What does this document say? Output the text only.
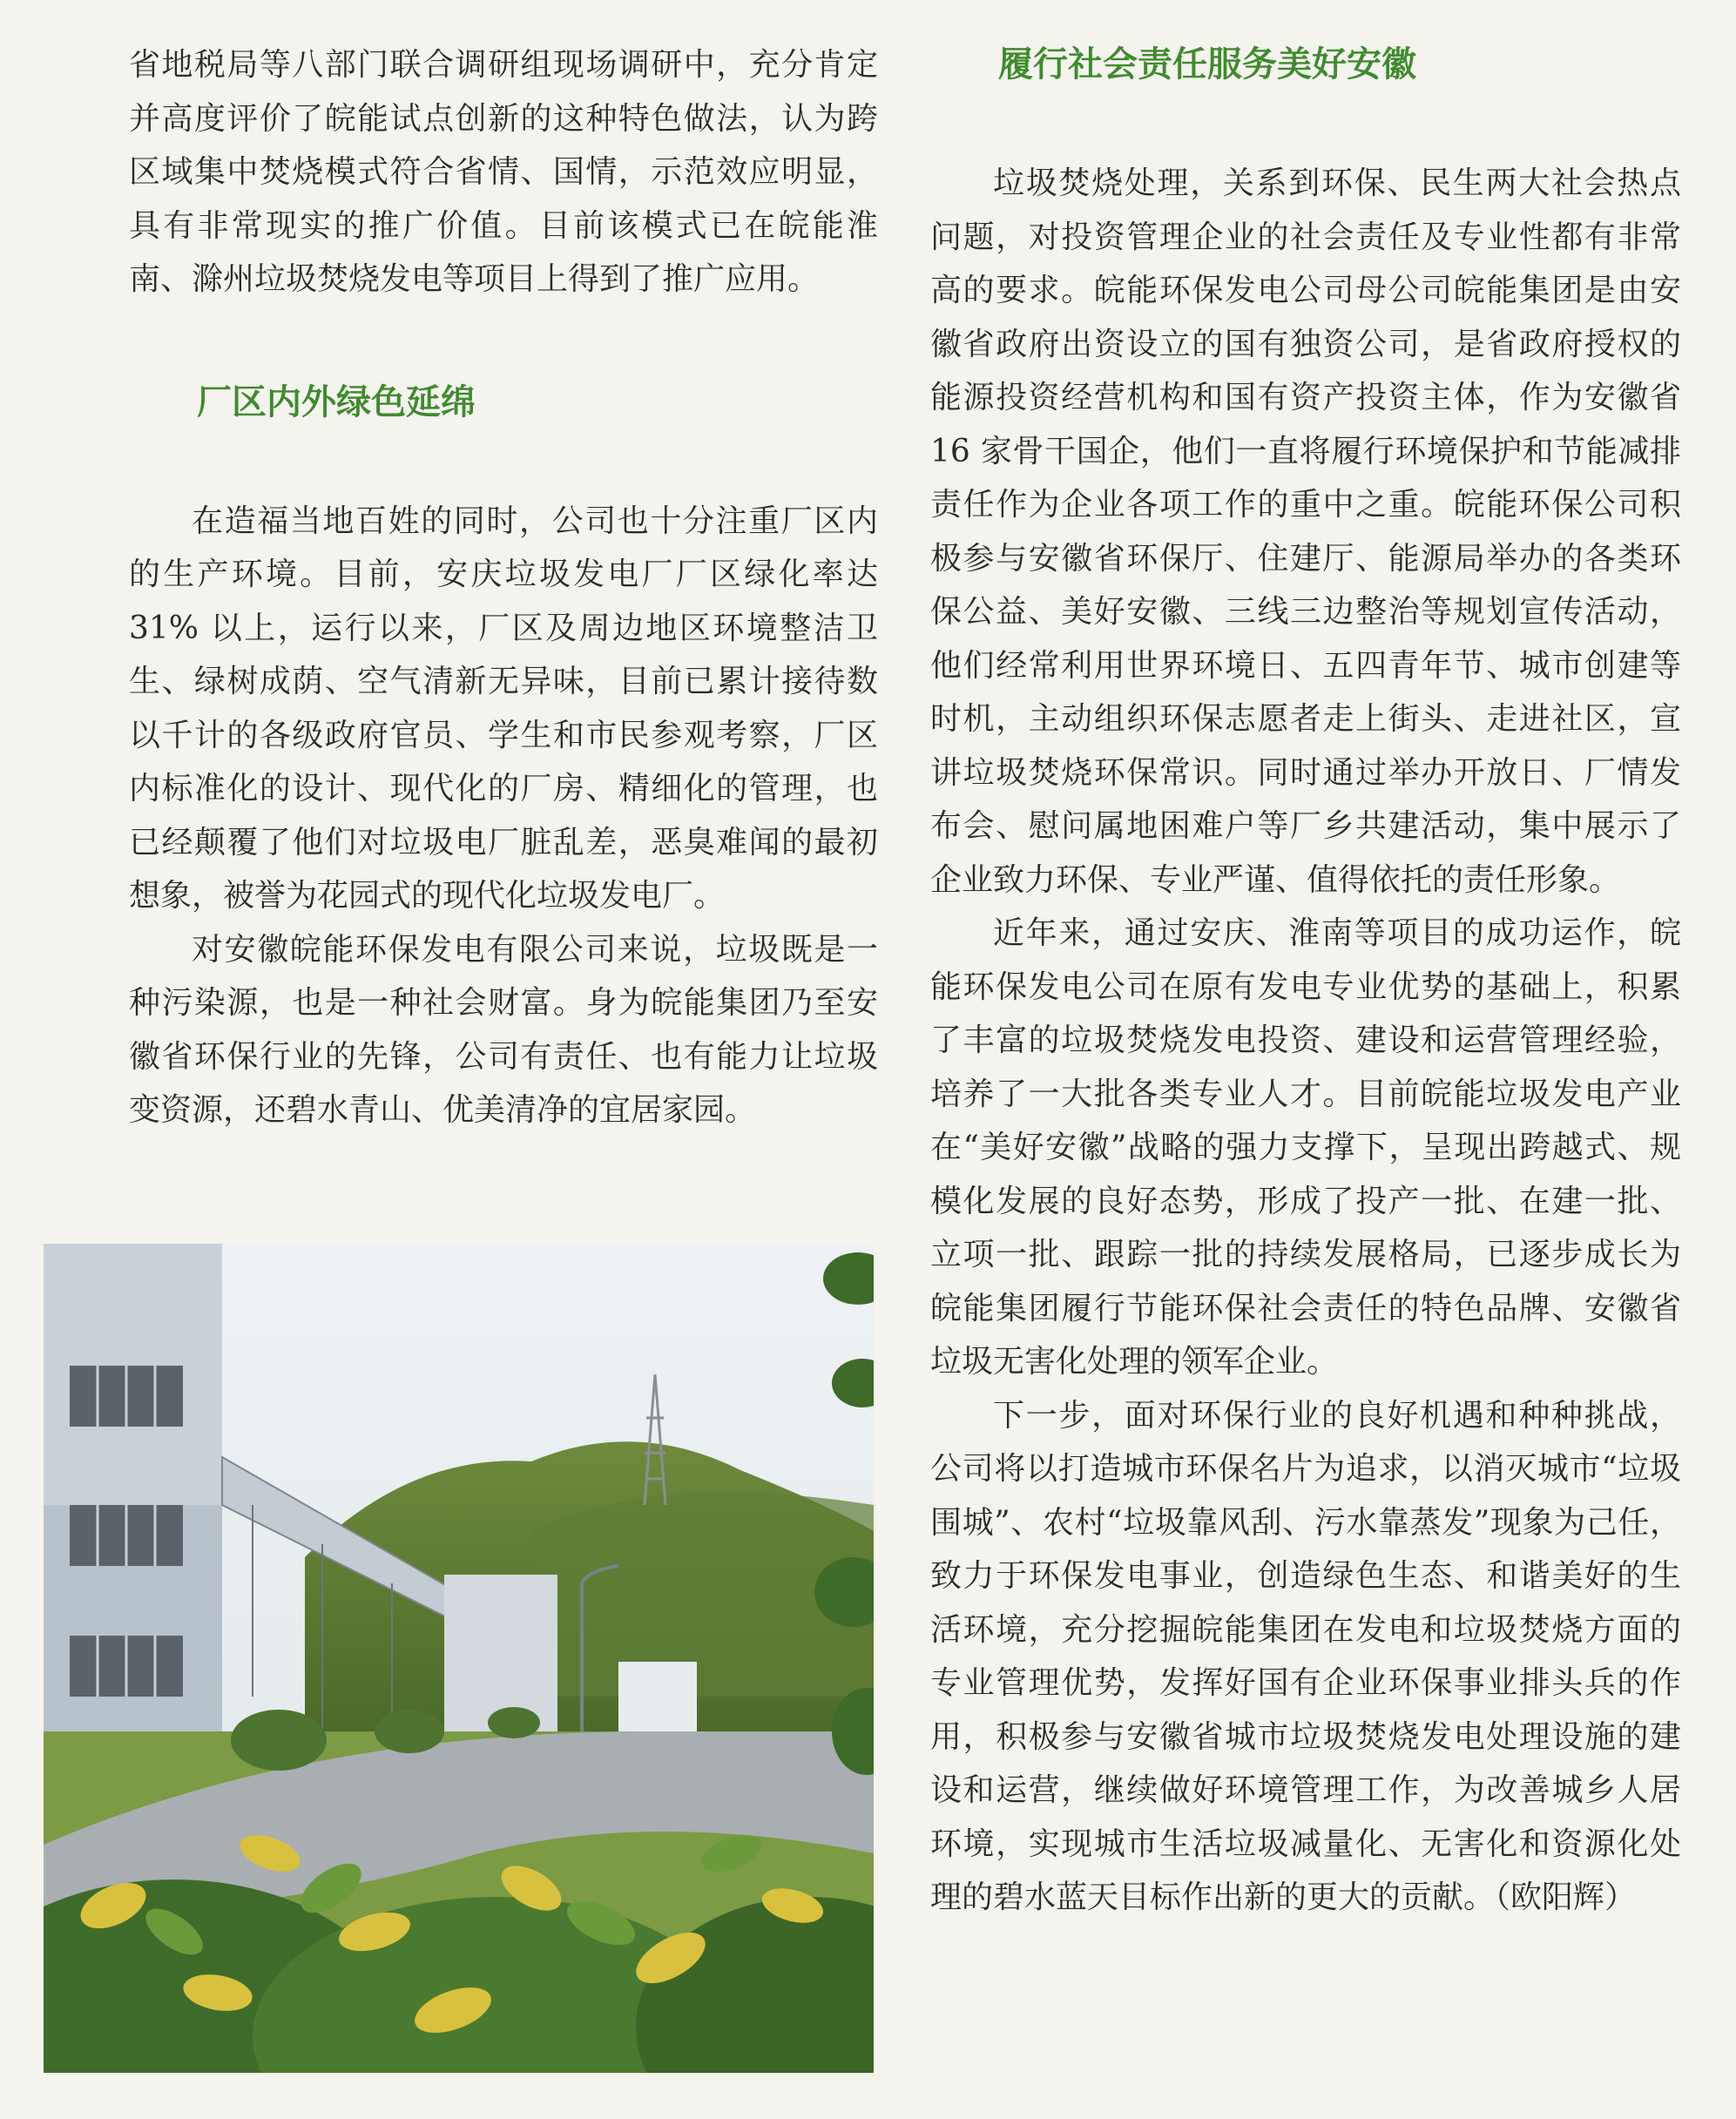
省地税局等八部门联合调研组现场调研中，充分肯定并高度评价了皖能试点创新的这种特色做法，认为跨区域集中焚烧模式符合省情、国情，示范效应明显，具有非常现实的推广价值。目前该模式已在皖能淮南、滁州垃圾焚烧发电等项目上得到了推广应用。

厂区内外绿色延绵

在造福当地百姓的同时，公司也十分注重厂区内的生产环境。目前，安庆垃圾发电厂厂区绿化率达 31% 以上，运行以来，厂区及周边地区环境整洁卫生、绿树成荫、空气清新无异味，目前已累计接待数以千计的各级政府官员、学生和市民参观考察，厂区内标准化的设计、现代化的厂房、精细化的管理，也已经颠覆了他们对垃圾电厂脏乱差，恶臭难闻的最初想象，被誉为花园式的现代化垃圾发电厂。

对安徽皖能环保发电有限公司来说，垃圾既是一种污染源，也是一种社会财富。身为皖能集团乃至安徽省环保行业的先锋，公司有责任、也有能力让垃圾变资源，还碧水青山、优美清净的宜居家园。

履行社会责任服务美好安徽

垃圾焚烧处理，关系到环保、民生两大社会热点问题，对投资管理企业的社会责任及专业性都有非常高的要求。皖能环保发电公司母公司皖能集团是由安徽省政府出资设立的国有独资公司，是省政府授权的能源投资经营机构和国有资产投资主体，作为安徽省 16 家骨干国企，他们一直将履行环境保护和节能减排责任作为企业各项工作的重中之重。皖能环保公司积极参与安徽省环保厅、住建厅、能源局举办的各类环保公益、美好安徽、三线三边整治等规划宣传活动，他们经常利用世界环境日、五四青年节、城市创建等时机，主动组织环保志愿者走上街头、走进社区，宣讲垃圾焚烧环保常识。同时通过举办开放日、厂情发布会、慰问属地困难户等厂乡共建活动，集中展示了企业致力环保、专业严谨、值得依托的责任形象。

近年来，通过安庆、淮南等项目的成功运作，皖能环保发电公司在原有发电专业优势的基础上，积累了丰富的垃圾焚烧发电投资、建设和运营管理经验，培养了一大批各类专业人才。目前皖能垃圾发电产业在“美好安徽”战略的强力支撑下，呈现出跨越式、规模化发展的良好态势，形成了投产一批、在建一批、立项一批、跟踪一批的持续发展格局，已逐步成长为皖能集团履行节能环保社会责任的特色品牌、安徽省垃圾无害化处理的领军企业。

下一步，面对环保行业的良好机遇和种种挑战，公司将以打造城市环保名片为追求，以消灭城市“垃圾围城”、农村“垃圾靠风刮、污水靠蒸发”现象为己任，致力于环保发电事业，创造绿色生态、和谐美好的生活环境，充分挖掘皖能集团在发电和垃圾焚烧方面的专业管理优势，发挥好国有企业环保事业排头兵的作用，积极参与安徽省城市垃圾焚烧发电处理设施的建设和运营，继续做好环境管理工作，为改善城乡人居环境，实现城市生活垃圾减量化、无害化和资源化处理的碧水蓝天目标作出新的更大的贡献。（欧阳辉）
